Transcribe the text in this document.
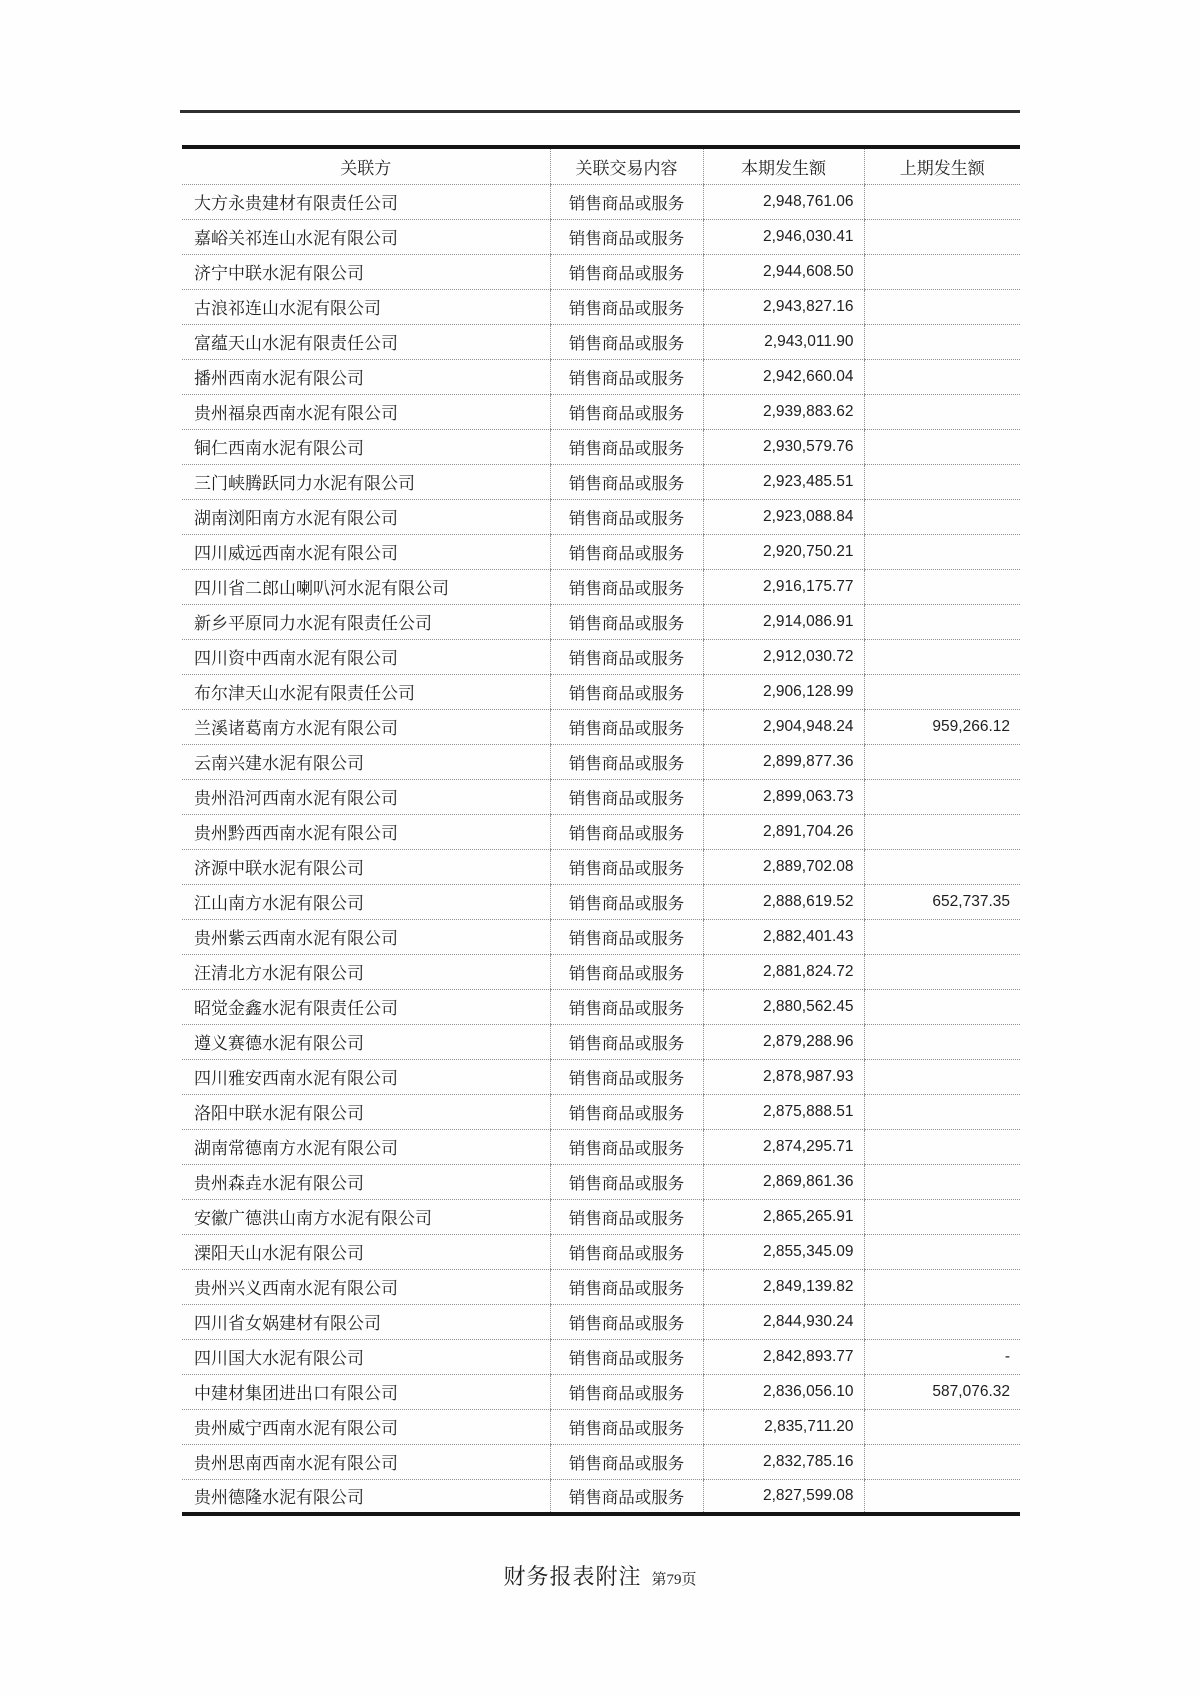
关联方	关联交易内容	本期发生额	上期发生额
大方永贵建材有限责任公司	销售商品或服务	2,948,761.06	
嘉峪关祁连山水泥有限公司	销售商品或服务	2,946,030.41	
济宁中联水泥有限公司	销售商品或服务	2,944,608.50	
古浪祁连山水泥有限公司	销售商品或服务	2,943,827.16	
富蕴天山水泥有限责任公司	销售商品或服务	2,943,011.90	
播州西南水泥有限公司	销售商品或服务	2,942,660.04	
贵州福泉西南水泥有限公司	销售商品或服务	2,939,883.62	
铜仁西南水泥有限公司	销售商品或服务	2,930,579.76	
三门峡腾跃同力水泥有限公司	销售商品或服务	2,923,485.51	
湖南浏阳南方水泥有限公司	销售商品或服务	2,923,088.84	
四川威远西南水泥有限公司	销售商品或服务	2,920,750.21	
四川省二郎山喇叭河水泥有限公司	销售商品或服务	2,916,175.77	
新乡平原同力水泥有限责任公司	销售商品或服务	2,914,086.91	
四川资中西南水泥有限公司	销售商品或服务	2,912,030.72	
布尔津天山水泥有限责任公司	销售商品或服务	2,906,128.99	
兰溪诸葛南方水泥有限公司	销售商品或服务	2,904,948.24	959,266.12
云南兴建水泥有限公司	销售商品或服务	2,899,877.36	
贵州沿河西南水泥有限公司	销售商品或服务	2,899,063.73	
贵州黔西西南水泥有限公司	销售商品或服务	2,891,704.26	
济源中联水泥有限公司	销售商品或服务	2,889,702.08	
江山南方水泥有限公司	销售商品或服务	2,888,619.52	652,737.35
贵州紫云西南水泥有限公司	销售商品或服务	2,882,401.43	
汪清北方水泥有限公司	销售商品或服务	2,881,824.72	
昭觉金鑫水泥有限责任公司	销售商品或服务	2,880,562.45	
遵义赛德水泥有限公司	销售商品或服务	2,879,288.96	
四川雅安西南水泥有限公司	销售商品或服务	2,878,987.93	
洛阳中联水泥有限公司	销售商品或服务	2,875,888.51	
湖南常德南方水泥有限公司	销售商品或服务	2,874,295.71	
贵州森垚水泥有限公司	销售商品或服务	2,869,861.36	
安徽广德洪山南方水泥有限公司	销售商品或服务	2,865,265.91	
溧阳天山水泥有限公司	销售商品或服务	2,855,345.09	
贵州兴义西南水泥有限公司	销售商品或服务	2,849,139.82	
四川省女娲建材有限公司	销售商品或服务	2,844,930.24	
四川国大水泥有限公司	销售商品或服务	2,842,893.77	-
中建材集团进出口有限公司	销售商品或服务	2,836,056.10	587,076.32
贵州威宁西南水泥有限公司	销售商品或服务	2,835,711.20	
贵州思南西南水泥有限公司	销售商品或服务	2,832,785.16	
贵州德隆水泥有限公司	销售商品或服务	2,827,599.08	
财务报表附注 第79页
